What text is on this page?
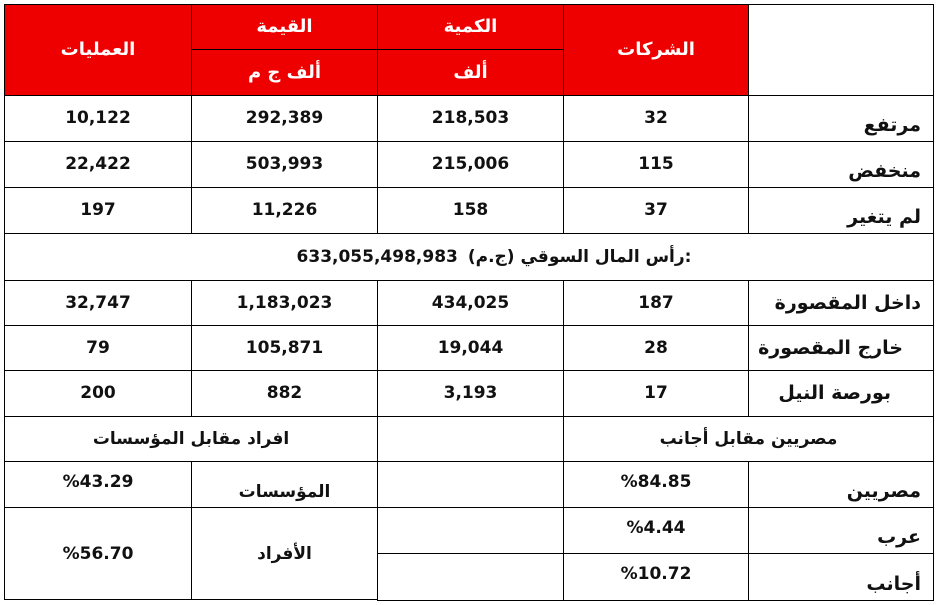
الشركات
الكمية
ألف
القيمة
ألف ج م
العمليات
مرتفع
32
218,503
292,389
10,122
منخفض
115
215,006
503,993
22,422
لم يتغير
37
158
11,226
197
633,055,498,983 رأس المال السوقي (ج.م):
داخل المقصورة
187
434,025
1,183,023
32,747
خارج المقصورة
28
19,044
105,871
79
بورصة النيل
17
3,193
882
200
مصريين مقابل أجانب
افراد مقابل المؤسسات
مصريين
%84.85
عرب
%4.44
أجانب
%10.72
المؤسسات
%43.29
الأفراد
%56.70
